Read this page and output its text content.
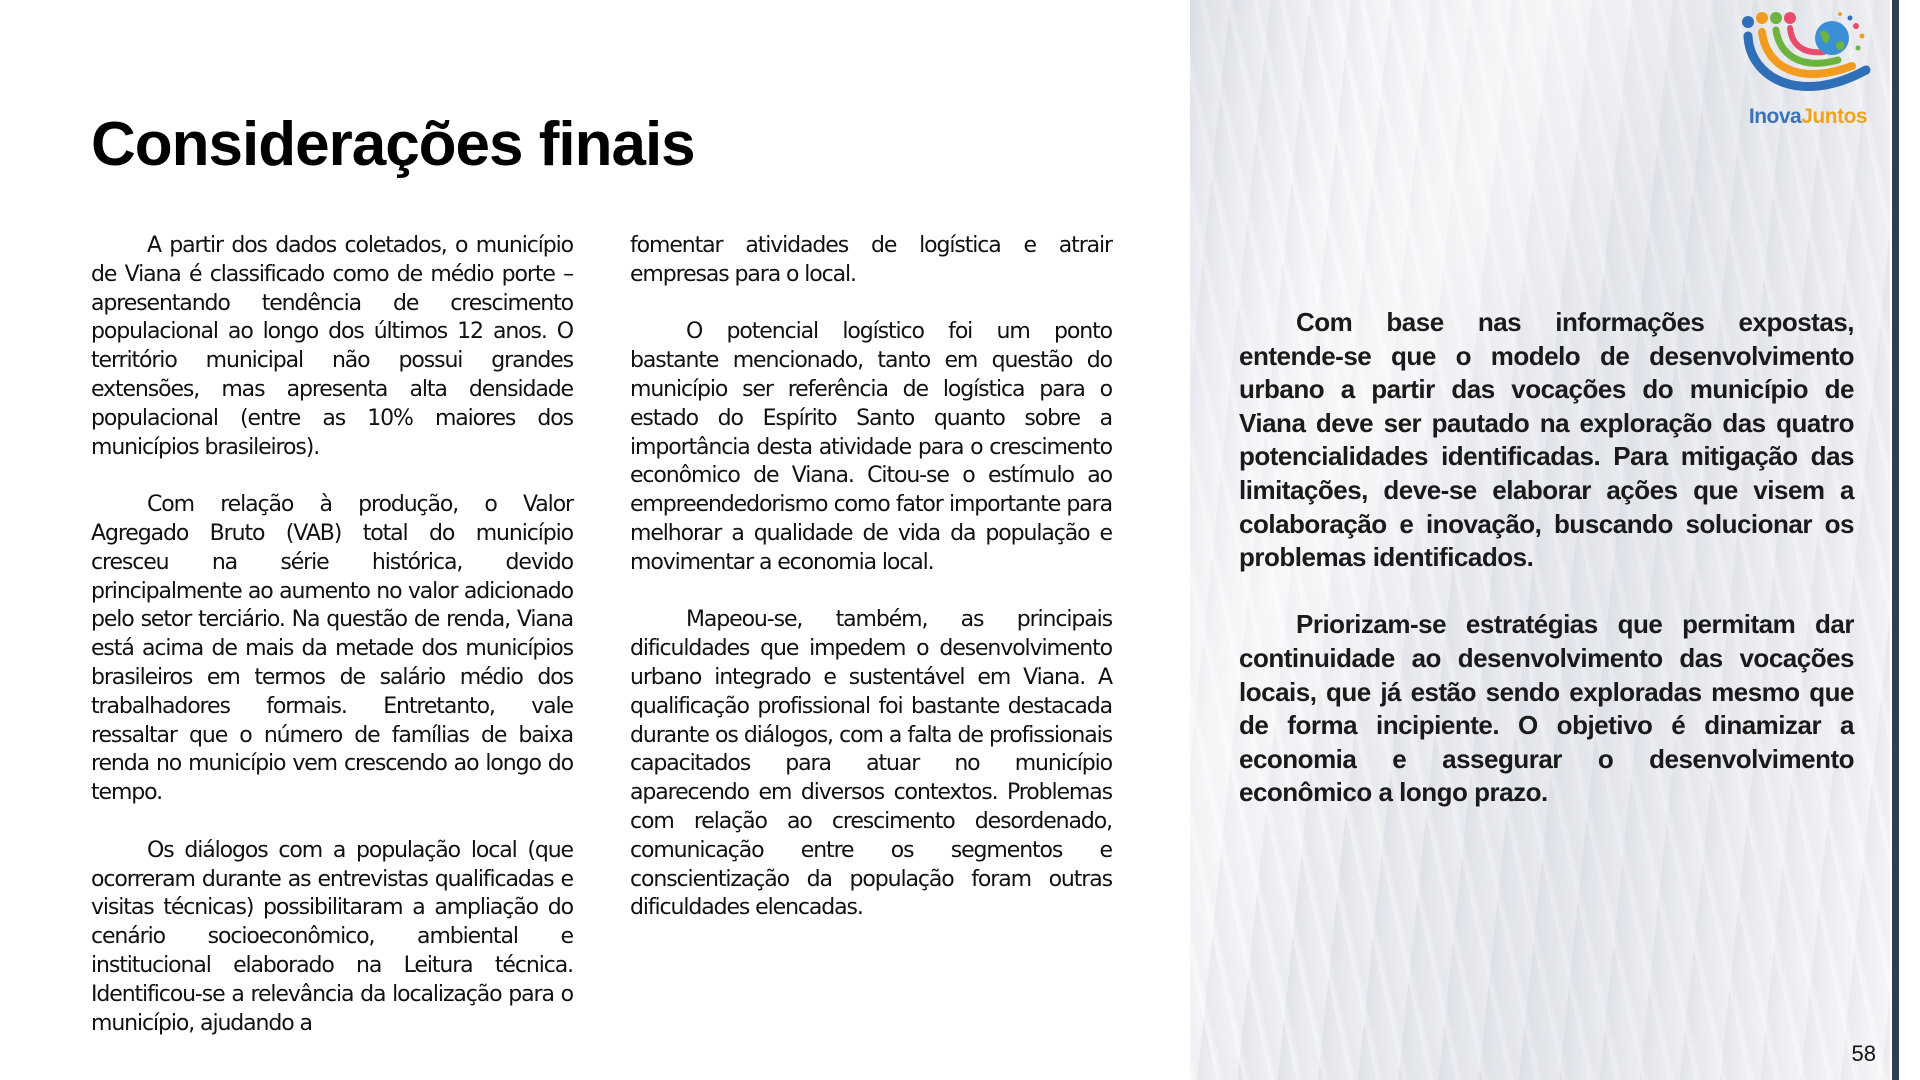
Considerações finais

A partir dos dados coletados, o município de Viana é classificado como de médio porte – apresentando tendência de crescimento populacional ao longo dos últimos 12 anos. O território municipal não possui grandes extensões, mas apresenta alta densidade populacional (entre as 10% maiores dos municípios brasileiros).

Com relação à produção, o Valor Agregado Bruto (VAB) total do município cresceu na série histórica, devido principalmente ao aumento no valor adicionado pelo setor terciário. Na questão de renda, Viana está acima de mais da metade dos municípios brasileiros em termos de salário médio dos trabalhadores formais. Entretanto, vale ressaltar que o número de famílias de baixa renda no município vem crescendo ao longo do tempo.

Os diálogos com a população local (que ocorreram durante as entrevistas qualificadas e visitas técnicas) possibilitaram a ampliação do cenário socioeconômico, ambiental e institucional elaborado na Leitura técnica. Identificou-se a relevância da localização para o município, ajudando a

fomentar atividades de logística e atrair empresas para o local.

O potencial logístico foi um ponto bastante mencionado, tanto em questão do município ser referência de logística para o estado do Espírito Santo quanto sobre a importância desta atividade para o crescimento econômico de Viana. Citou-se o estímulo ao empreendedorismo como fator importante para melhorar a qualidade de vida da população e movimentar a economia local.

Mapeou-se, também, as principais dificuldades que impedem o desenvolvimento urbano integrado e sustentável em Viana. A qualificação profissional foi bastante destacada durante os diálogos, com a falta de profissionais capacitados para atuar no município aparecendo em diversos contextos. Problemas com relação ao crescimento desordenado, comunicação entre os segmentos e conscientização da população foram outras dificuldades elencadas.

Com base nas informações expostas, entende-se que o modelo de desenvolvimento urbano a partir das vocações do município de Viana deve ser pautado na exploração das quatro potencialidades identificadas. Para mitigação das limitações, deve-se elaborar ações que visem a colaboração e inovação, buscando solucionar os problemas identificados.

Priorizam-se estratégias que permitam dar continuidade ao desenvolvimento das vocações locais, que já estão sendo exploradas mesmo que de forma incipiente. O objetivo é dinamizar a economia e assegurar o desenvolvimento econômico a longo prazo.

InovaJuntos
58
